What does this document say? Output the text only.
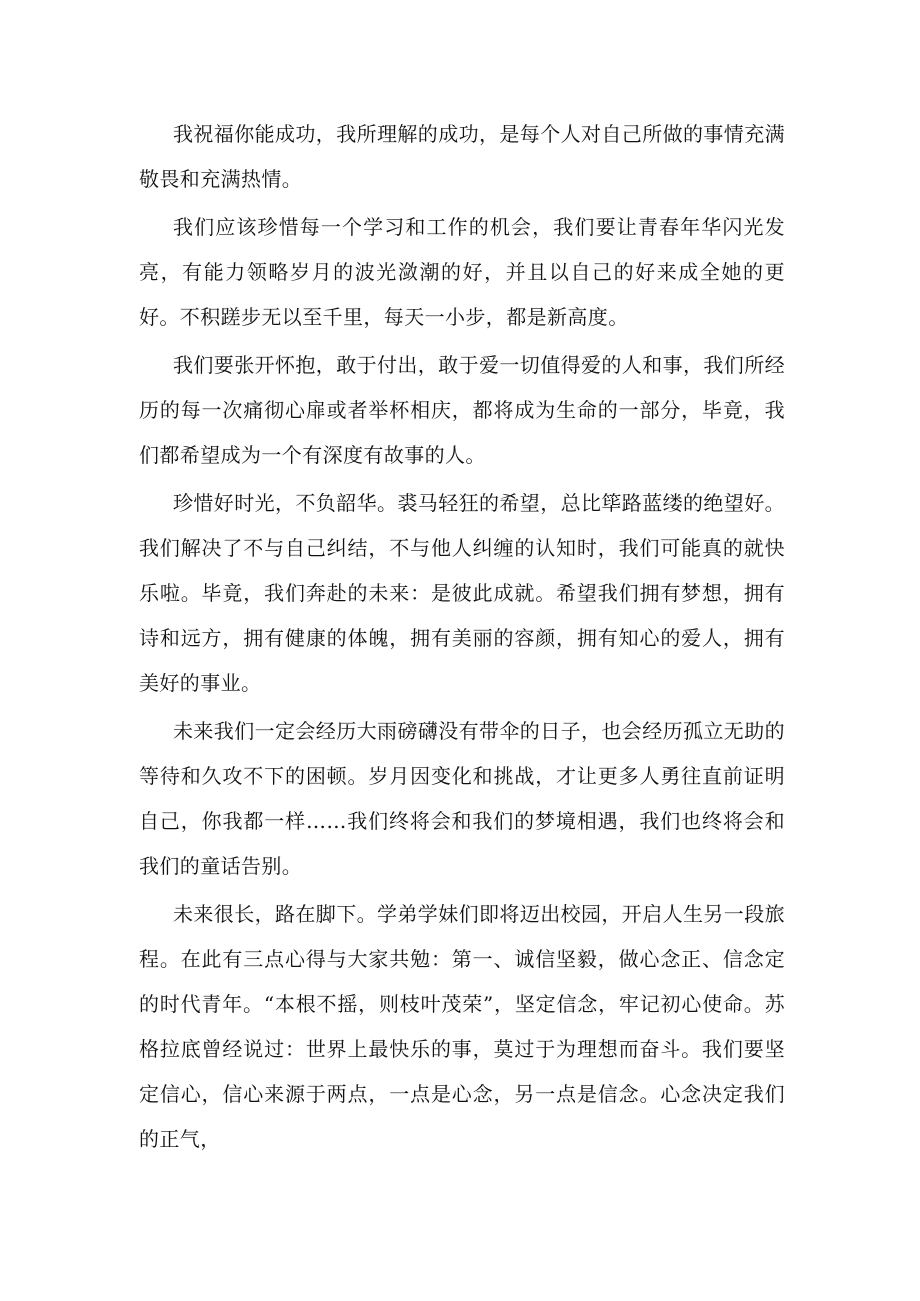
我祝福你能成功，我所理解的成功，是每个人对自己所做的事情充满敬畏和充满热情。

我们应该珍惜每一个学习和工作的机会，我们要让青春年华闪光发亮，有能力领略岁月的波光潋潮的好，并且以自己的好来成全她的更好。不积蹉步无以至千里，每天一小步，都是新高度。

我们要张开怀抱，敢于付出，敢于爱一切值得爱的人和事，我们所经历的每一次痛彻心扉或者举杯相庆，都将成为生命的一部分，毕竟，我们都希望成为一个有深度有故事的人。

珍惜好时光，不负韶华。裘马轻狂的希望，总比筚路蓝缕的绝望好。我们解决了不与自己纠结，不与他人纠缠的认知时，我们可能真的就快乐啦。毕竟，我们奔赴的未来：是彼此成就。希望我们拥有梦想，拥有诗和远方，拥有健康的体魄，拥有美丽的容颜，拥有知心的爱人，拥有美好的事业。

未来我们一定会经历大雨磅礴没有带伞的日子，也会经历孤立无助的等待和久攻不下的困顿。岁月因变化和挑战，才让更多人勇往直前证明自己，你我都一样……我们终将会和我们的梦境相遇，我们也终将会和我们的童话告别。

未来很长，路在脚下。学弟学妹们即将迈出校园，开启人生另一段旅程。在此有三点心得与大家共勉：第一、诚信坚毅，做心念正、信念定的时代青年。“本根不摇，则枝叶茂荣”，坚定信念，牢记初心使命。苏格拉底曾经说过：世界上最快乐的事，莫过于为理想而奋斗。我们要坚定信心，信心来源于两点，一点是心念，另一点是信念。心念决定我们的正气，
